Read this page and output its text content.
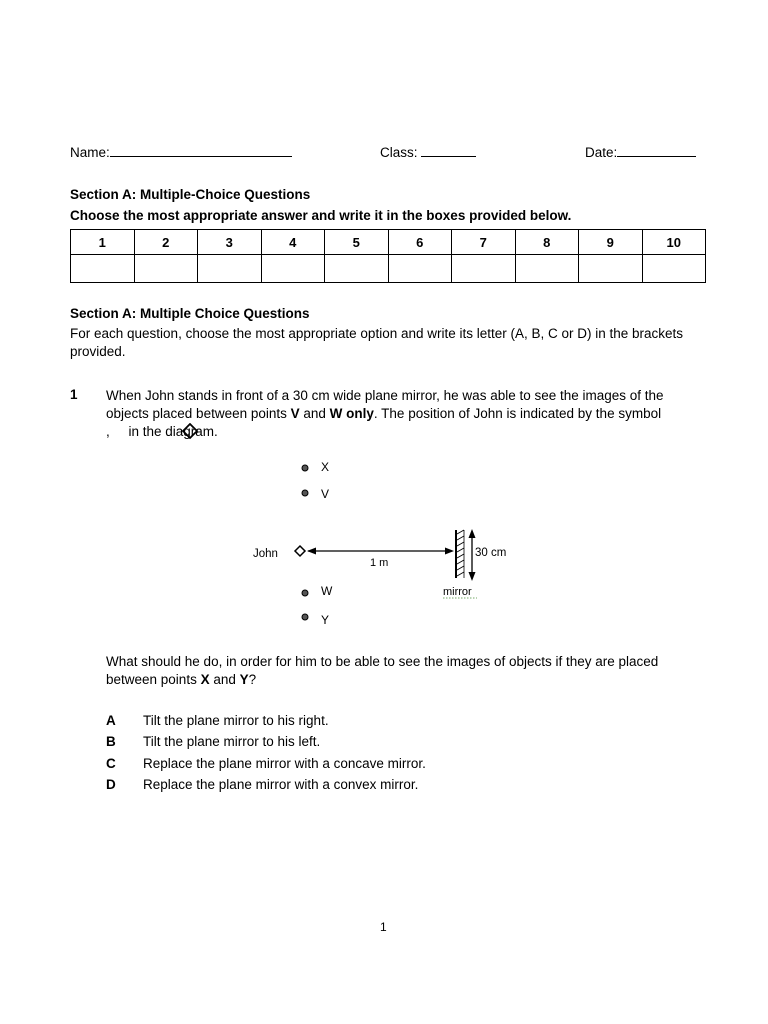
Name:	Class:	Date:
Section A: Multiple-Choice Questions
Choose the most appropriate answer and write it in the boxes provided below.
1	2	3	4	5	6	7	8	9	10

Section A: Multiple Choice Questions
For each question, choose the most appropriate option and write its letter (A, B, C or D) in the brackets provided.
1 When John stands in front of a 30 cm wide plane mirror, he was able to see the images of the objects placed between points V and W only. The position of John is indicated by the symbol
,     in the diagram.
X
V
W
Y
John
1 m
30 cm
mirror
What should he do, in order for him to be able to see the images of objects if they are placed between points X and Y?
A Tilt the plane mirror to his right.
B Tilt the plane mirror to his left.
C Replace the plane mirror with a concave mirror.
D Replace the plane mirror with a convex mirror.
1
